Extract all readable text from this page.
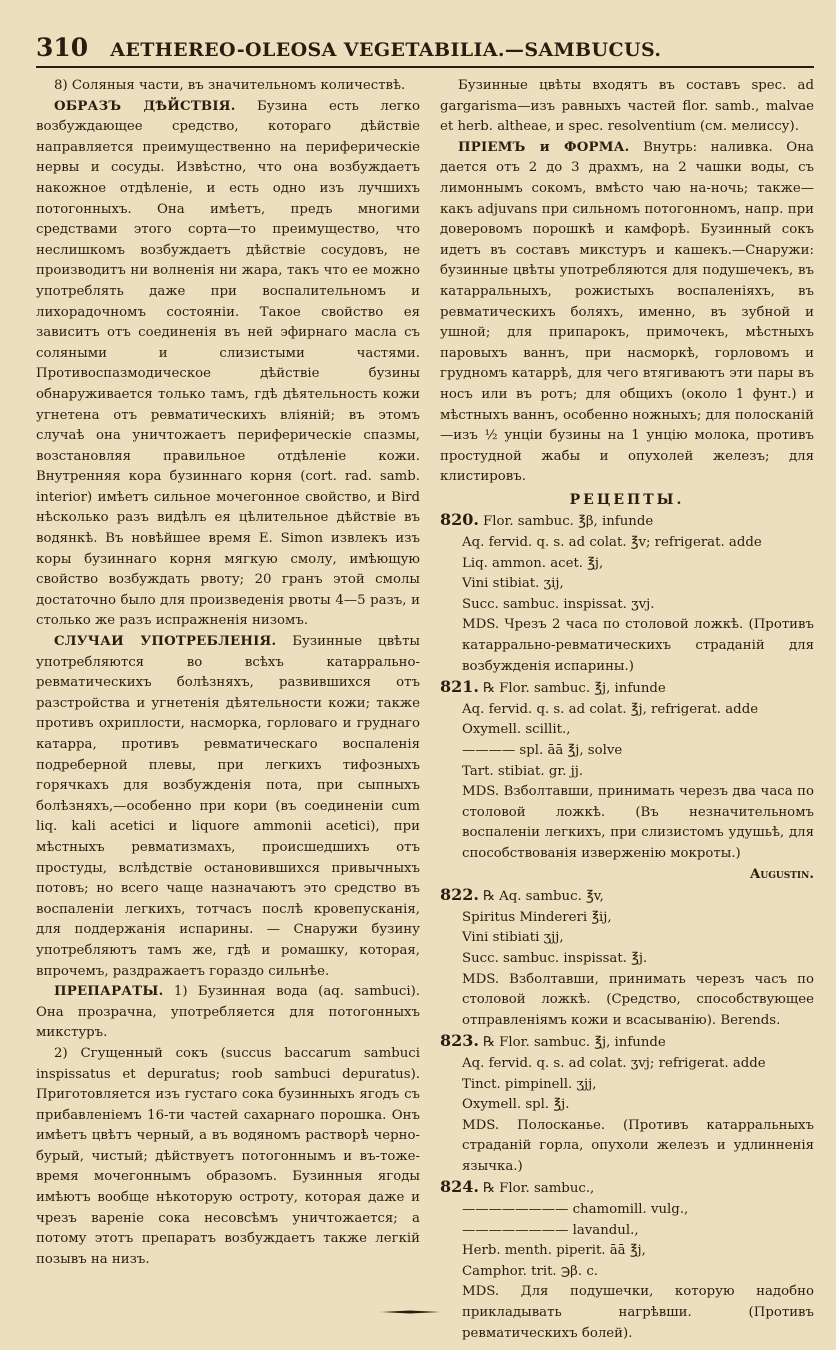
310 AETHEREO-OLEOSA VEGETABILIA.—SAMBUCUS.

8) Соляныя части, въ значительномъ количествѣ.

ОБРАЗЪ ДѢЙСТВІЯ. Бузина есть легко возбуждающее средство, котораго дѣйствіе направляется преимущественно на периферическіе нервы и сосуды. Извѣстно, что она возбуждаетъ накожное отдѣленіе, и есть одно изъ лучшихъ потогонныхъ. Она имѣетъ, предъ многими средствами этого сорта—то преимущество, что неслишкомъ возбуждаетъ дѣйствіе сосудовъ, не производитъ ни волненія ни жара, такъ что ее можно употреблять даже при воспалительномъ и лихорадочномъ состояніи. Такое свойство ея зависитъ отъ соединенія въ ней эфирнаго масла съ соляными и слизистыми частями. Противоспазмодическое дѣйствіе бузины обнаруживается только тамъ, гдѣ дѣятельность кожи угнетена отъ ревматическихъ вліяній; въ этомъ случаѣ она уничтожаетъ периферическіе спазмы, возстановляя правильное отдѣленіе кожи. Внутренняя кора бузиннаго корня (cort. rad. samb. interior) имѣетъ сильное мочегонное свойство, и Bird нѣсколько разъ видѣлъ ея цѣлительное дѣйствіе въ водянкѣ. Въ новѣйшее время E. Simon извлекъ изъ коры бузиннаго корня мягкую смолу, имѣющую свойство возбуждать рвоту; 20 гранъ этой смолы достаточно было для произведенія рвоты 4—5 разъ, и столько же разъ испражненія низомъ.

СЛУЧАИ УПОТРЕБЛЕНІЯ. Бузинные цвѣты употребляются во всѣхъ катаррально-ревматическихъ болѣзняхъ, развившихся отъ разстройства и угнетенія дѣятельности кожи; также противъ охриплости, насморка, горловаго и груднаго катарра, противъ ревматическаго воспаленія подреберной плевы, при легкихъ тифозныхъ горячкахъ для возбужденія пота, при сыпныхъ болѣзняхъ,—особенно при кори (въ соединеніи cum liq. kali acetici и liquore ammonii acetici), при мѣстныхъ ревматизмахъ, происшедшихъ отъ простуды, вслѣдствіе остановившихся привычныхъ потовъ; но всего чаще назначаютъ это средство въ воспаленіи легкихъ, тотчасъ послѣ кровепусканія, для поддержанія испарины. — Снаружи бузину употребляютъ тамъ же, гдѣ и ромашку, которая, впрочемъ, раздражаетъ гораздо сильнѣе.

ПРЕПАРАТЫ. 1) Бузинная вода (aq. sambuci). Она прозрачна, употребляется для потогонныхъ микстуръ.

2) Сгущенный сокъ (succus baccarum sambuci inspissatus et depuratus; roob sambuci depuratus). Приготовляется изъ густаго сока бузинныхъ ягодъ съ прибавленіемъ 16-ти частей сахарнаго порошка. Онъ имѣетъ цвѣтъ черный, а въ водяномъ растворѣ черно-бурый, чистый; дѣйствуетъ потогоннымъ и въ-тоже-время мочегоннымъ образомъ. Бузинныя ягоды имѣютъ вообще нѣкоторую остроту, которая даже и чрезъ вареніе сока несовсѣмъ уничтожается; а потому этотъ препаратъ возбуждаетъ также легкій позывъ на низъ.

Бузинные цвѣты входятъ въ составъ spec. ad gargarisma—изъ равныхъ частей flor. samb., malvae et herb. altheae, и spec. resolventium (см. мелиссу).

ПРІЕМЪ и ФОРМА. Внутрь: наливка. Она дается отъ 2 до 3 драхмъ, на 2 чашки воды, съ лимоннымъ сокомъ, вмѣсто чаю на-ночь; также—какъ adjuvans при сильномъ потогонномъ, напр. при доверовомъ порошкѣ и камфорѣ. Бузинный сокъ идетъ въ составъ микстуръ и кашекъ.—Снаружи: бузинные цвѣты употребляются для подушечекъ, въ катарральныхъ, рожистыхъ воспаленіяхъ, въ ревматическихъ боляхъ, именно, въ зубной и ушной; для припарокъ, примочекъ, мѣстныхъ паровыхъ ваннъ, при насморкѣ, горловомъ и грудномъ катаррѣ, для чего втягиваютъ эти пары въ носъ или въ ротъ; для общихъ (около 1 фунт.) и мѣстныхъ ваннъ, особенно ножныхъ; для полосканій—изъ ½ унціи бузины на 1 унцію молока, противъ простудной жабы и опухолей железъ; для клистировъ.

РЕЦЕПТЫ.

820. Flor. sambuc. ℥β, infunde

Aq. fervid. q. s. ad colat. ℥v; refrigerat. adde

Liq. ammon. acet. ℥j,

Vini stibiat. ʒij,

Succ. sambuc. inspissat. ʒvj.

MDS. Чрезъ 2 часа по столовой ложкѣ. (Противъ катаррально-ревматическихъ страданій для возбужденія испарины.)

821. ℞ Flor. sambuc. ℥j, infunde

Aq. fervid. q. s. ad colat. ℥j, refrigerat. adde

Oxymell. scillit.,

———— spl. āā ℥j, solve

Tart. stibiat. gr. jj.

MDS. Взболтавши, принимать черезъ два часа по столовой ложкѣ. (Въ незначительномъ воспаленіи легкихъ, при слизистомъ удушьѣ, для способствованія изверженію мокроты.)

Augustin.

822. ℞ Aq. sambuc. ℥v,

Spiritus Mindereri ℥ij,

Vini stibiati ʒjj,

Succ. sambuc. inspissat. ℥j.

MDS. Взболтавши, принимать черезъ часъ по столовой ложкѣ. (Средство, способствующее отправленіямъ кожи и всасыванію). Berends.

823. ℞ Flor. sambuc. ℥j, infunde

Aq. fervid. q. s. ad colat. ʒvj; refrigerat. adde

Tinct. pimpinell. ʒjj,

Oxymell. spl. ℥j.

MDS. Полосканье. (Противъ катарральныхъ страданій горла, опухоли железъ и удлинненія язычка.)

824. ℞ Flor. sambuc.,

———————— chamomill. vulg.,

———————— lavandul.,

Herb. menth. piperit. āā ℥j,

Camphor. trit. ℈β. c.

MDS. Для подушечки, которую надобно прикладывать нагрѣвши. (Противъ ревматическихъ болей).
